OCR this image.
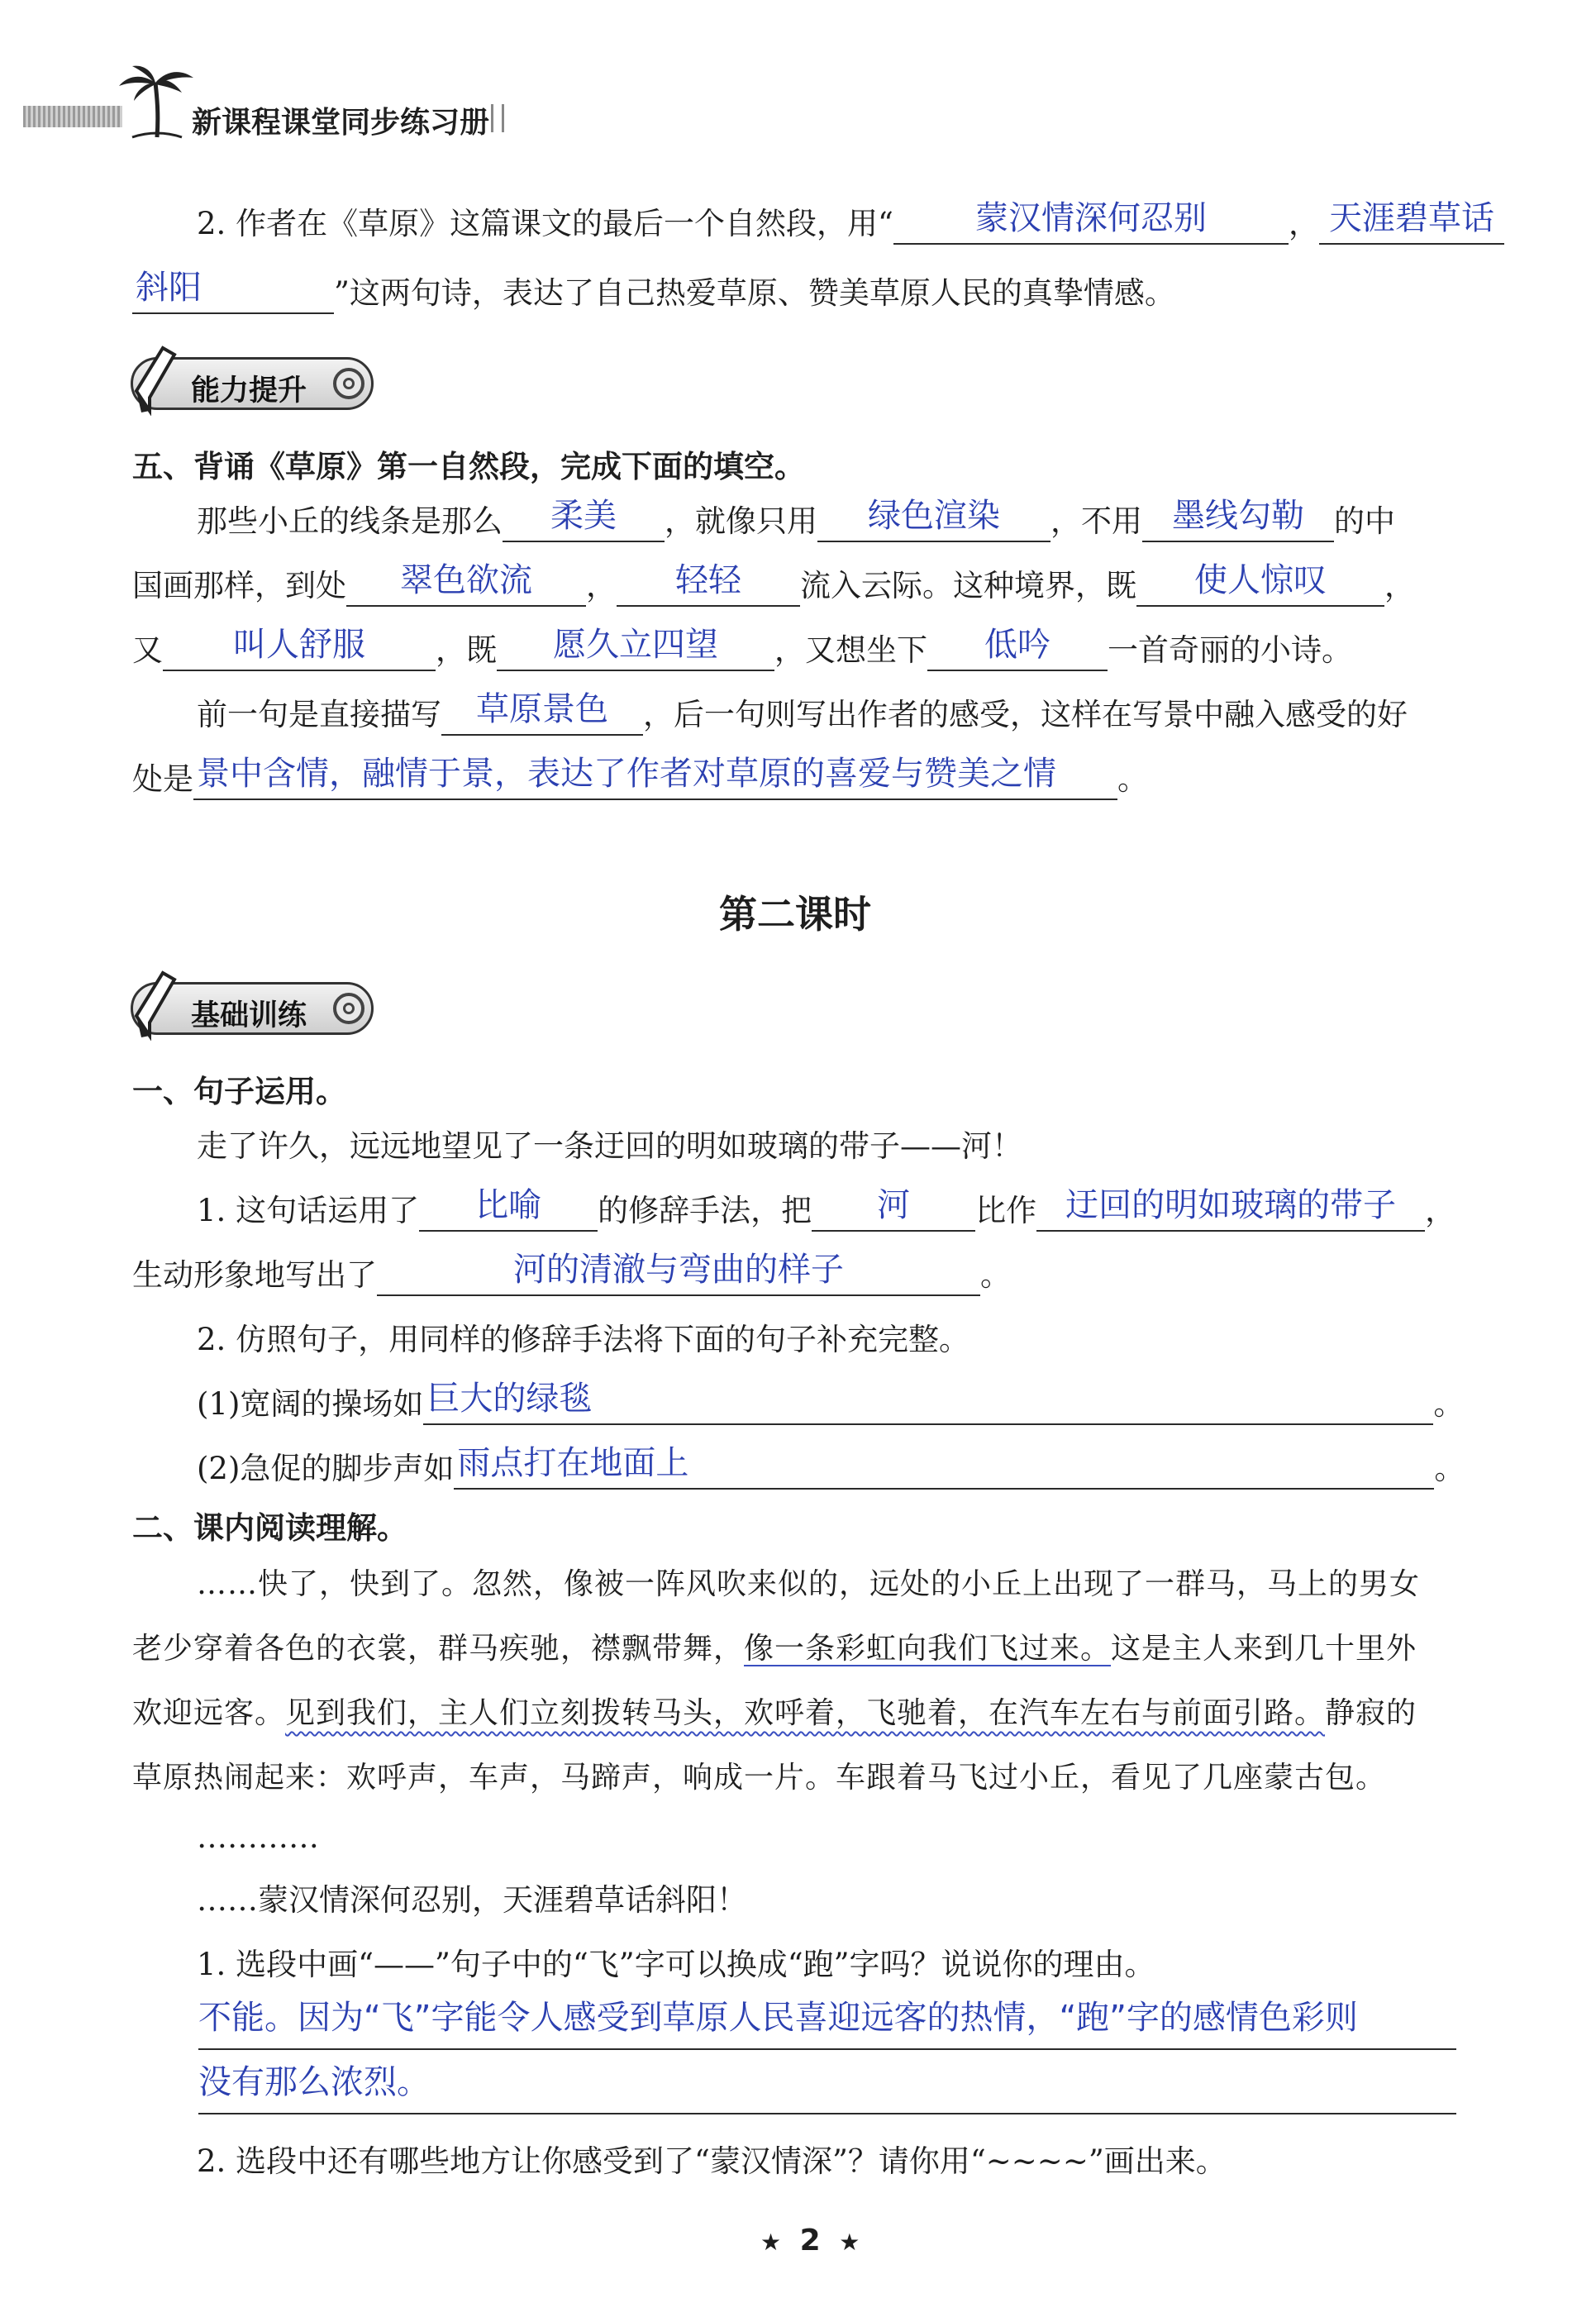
新课程课堂同步练习册
2. 作者在《草原》这篇课文的最后一个自然段，用“	蒙汉情深何忍别	， 天涯碧草话
斜阳	”这两句诗，表达了自己热爱草原、赞美草原人民的真挚情感。
能力提升
五、背诵《草原》第一自然段，完成下面的填空。
那些小丘的线条是那么	柔美	，就像只用	绿色渲染	，不用 墨线勾勒 的中
国画那样，到处	翠色欲流	，	轻轻	流入云际。这种境界，既	使人惊叹	，
又	叫人舒服	，既	愿久立四望	，又想坐下	低吟	一首奇丽的小诗。
前一句是直接描写	草原景色	，后一句则写出作者的感受，这样在写景中融入感受的好
处是 景中含情，融情于景，表达了作者对草原的喜爱与赞美之情	。
第二课时
基础训练
一、句子运用。
走了许久，远远地望见了一条迂回的明如玻璃的带子——河！
1. 这句话运用了	比喻	的修辞手法，把	河	比作 迂回的明如玻璃的带子 ，
生动形象地写出了	河的清澈与弯曲的样子	。
2. 仿照句子，用同样的修辞手法将下面的句子补充完整。
(1)宽阔的操场如 巨大的绿毯	。
(2)急促的脚步声如 雨点打在地面上	。
二、课内阅读理解。
……快了，快到了。忽然，像被一阵风吹来似的，远处的小丘上出现了一群马，马上的男女
老少穿着各色的衣裳，群马疾驰，襟飘带舞，像一条彩虹向我们飞过来。这是主人来到几十里外
欢迎远客。见到我们，主人们立刻拨转马头，欢呼着，飞驰着，在汽车左右与前面引路。静寂的
草原热闹起来：欢呼声，车声，马蹄声，响成一片。车跟着马飞过小丘，看见了几座蒙古包。
…………
……蒙汉情深何忍别，天涯碧草话斜阳！
1. 选段中画“——”句子中的“飞”字可以换成“跑”字吗？说说你的理由。
不能。因为“飞”字能令人感受到草原人民喜迎远客的热情，“跑”字的感情色彩则
没有那么浓烈。
2. 选段中还有哪些地方让你感受到了“蒙汉情深”？请你用“~~~~”画出来。
★ 2 ★
